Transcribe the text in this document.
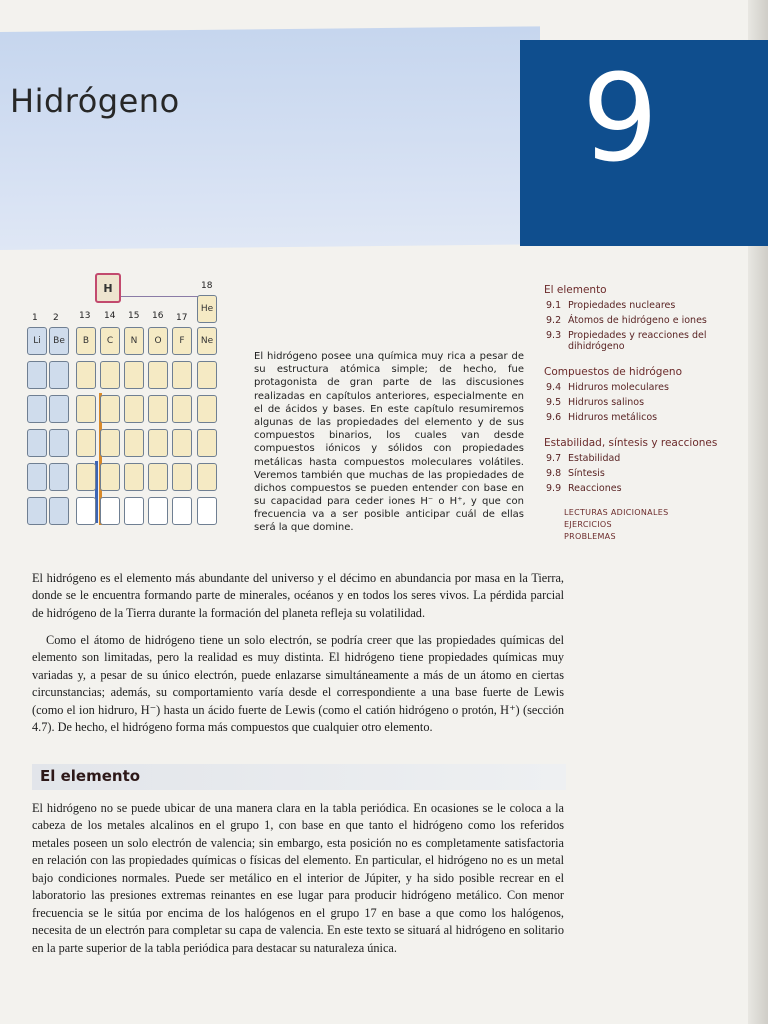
Hidrógeno	9
H	18
He
1 2 13 14 15 16 17
Li	Be	B	C	N	O	F	Ne
El hidrógeno posee una química muy rica a pesar de su estructura atómica simple; de hecho, fue protagonista de gran parte de las discusiones realizadas en capítulos anteriores, especialmente en el de ácidos y bases. En este capítulo resumiremos algunas de las propiedades del elemento y de sus compuestos binarios, los cuales van desde compuestos iónicos y sólidos con propiedades metálicas hasta compuestos moleculares volátiles. Veremos también que muchas de las propiedades de dichos compuestos se pueden entender con base en su capacidad para ceder iones H⁻ o H⁺, y que con frecuencia va a ser posible anticipar cuál de ellas será la que domine.
El elemento
9.1 Propiedades nucleares
9.2 Átomos de hidrógeno e iones
9.3 Propiedades y reacciones del dihidrógeno
Compuestos de hidrógeno
9.4 Hidruros moleculares
9.5 Hidruros salinos
9.6 Hidruros metálicos
Estabilidad, síntesis y reacciones
9.7 Estabilidad
9.8 Síntesis
9.9 Reacciones
LECTURAS ADICIONALES
EJERCICIOS
PROBLEMAS

El hidrógeno es el elemento más abundante del universo y el décimo en abundancia por masa en la Tierra, donde se le encuentra formando parte de minerales, océanos y en todos los seres vivos. La pérdida parcial de hidrógeno de la Tierra durante la formación del planeta refleja su volatilidad.

Como el átomo de hidrógeno tiene un solo electrón, se podría creer que las propiedades químicas del elemento son limitadas, pero la realidad es muy distinta. El hidrógeno tiene propiedades químicas muy variadas y, a pesar de su único electrón, puede enlazarse simultáneamente a más de un átomo en ciertas circunstancias; además, su comportamiento varía desde el correspondiente a una base fuerte de Lewis (como el ion hidruro, H⁻) hasta un ácido fuerte de Lewis (como el catión hidrógeno o protón, H⁺) (sección 4.7). De hecho, el hidrógeno forma más compuestos que cualquier otro elemento.

El elemento

El hidrógeno no se puede ubicar de una manera clara en la tabla periódica. En ocasiones se le coloca a la cabeza de los metales alcalinos en el grupo 1, con base en que tanto el hidrógeno como los referidos metales poseen un solo electrón de valencia; sin embargo, esta posición no es completamente satisfactoria en relación con las propiedades químicas o físicas del elemento. En particular, el hidrógeno no es un metal bajo condiciones normales. Puede ser metálico en el interior de Júpiter, y ha sido posible recrear en el laboratorio las presiones extremas reinantes en ese lugar para producir hidrógeno metálico. Con menor frecuencia se le sitúa por encima de los halógenos en el grupo 17 en base a que como los halógenos, necesita de un electrón para completar su capa de valencia. En este texto se situará al hidrógeno en solitario en la parte superior de la tabla periódica para destacar su naturaleza única.
